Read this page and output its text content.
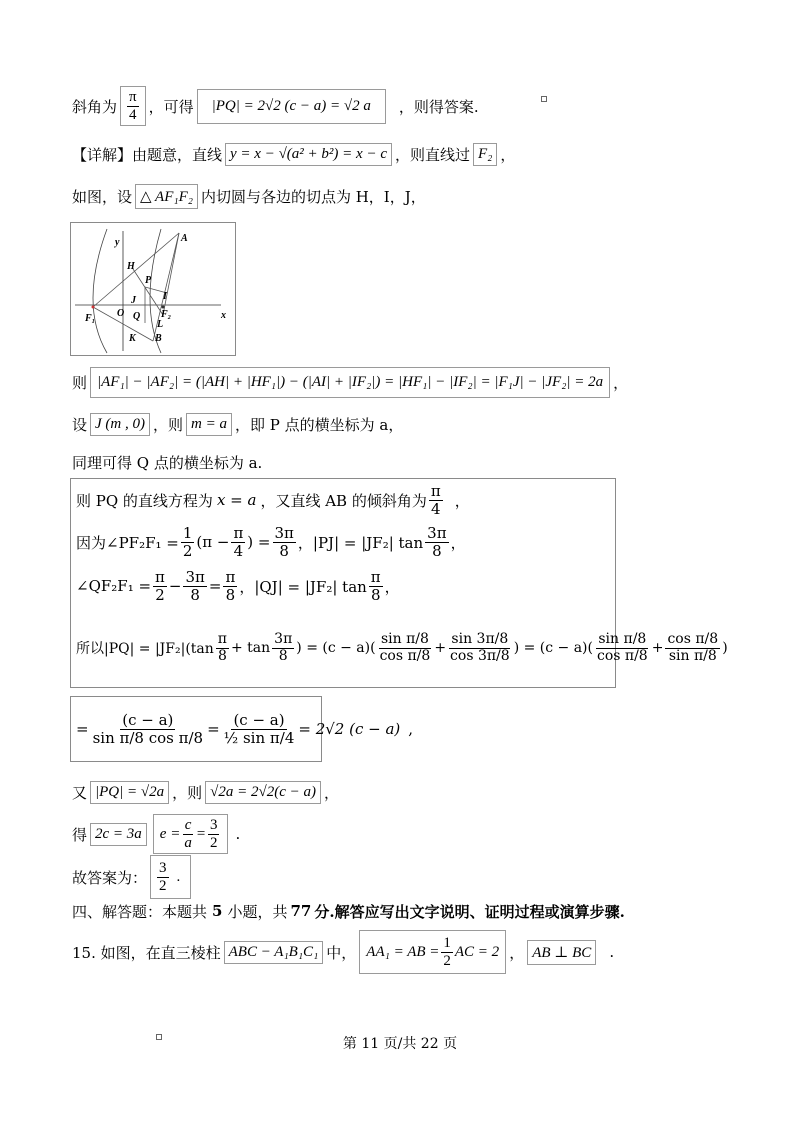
斜角为 $\frac{\pi}{4}$ ，可得	|PQ| = 2√2 (c − a) = √2 a	，则得答案.
【详解】由题意，直线 y = x − √(a² + b²) = x − c ，则直线过 F₂ ，
如图，设 △ AF₁F₂ 内切圆与各边的切点为 H，I，J，
y
x
A
H
P
I
J
O Q
F₁	F₂
L
K B
则 |AF₁| − |AF₂| = (|AH| + |HF₁|) − (|AI| + |IF₂|) = |HF₁| − |IF₂| = |F₁J| − |JF₂| = 2a ，
设 J (m , 0) ，则 m = a ，即 P 点的横坐标为 a，
同理可得 Q 点的横坐标为 a.
则 PQ 的直线方程为 x = a ，又直线 AB 的倾斜角为 $\frac{\pi}{4}$ ，
因为∠PF₂F₁ = $\frac{1}{2} (\pi - \frac{\pi}{4}$ ) = $\frac{3\pi}{8}$ ，|PJ| = |JF₂| $\tan \frac{3\pi}{8}$ ，
∠QF₂F₁ = $\frac{\pi}{2} - \frac{3\pi}{8} = \frac{\pi}{8}$ ，|QJ| = |JF₂| $\tan \frac{\pi}{8}$ ，
所以$|PQ| = |JF_2|(\tan \frac{\pi}{8} + \tan \frac{3\pi}{8}$ ) = $(c - a)( \frac{\text{sin π/8}}{\text{cos π/8}} + \frac{\sin 3\pi/8}{\cos 3\pi/8}$ ) = $(c - a)( \frac{\text{sin π/8}}{\text{cos π/8}} + \frac{\text{cos π/8}}{\text{sin π/8}}$ )
= $\frac{(c - a)}{\text{sin π/8 cos π/8}} = \frac{(c - a)}{\text{½ sin π/4}} = 2√2$ (c − a) ,
又 |PQ| = √2a ，则 √2a = 2√2(c − a) ，
得 2c = 3a	$e = \frac{c}{a} = \frac{3}{2}$ .
故答案为： $\frac{3}{2}$ .
四、解答题：本题共 5 小题，共 77 分.解答应写出文字说明、证明过程或演算步骤.
15. 如图，在直三棱柱 ABC − A₁B₁C₁ 中， AA₁ = AB = $\frac{1}{2}$ AC = 2 ， AB ⊥ BC	.
第 11 页/共 22 页
